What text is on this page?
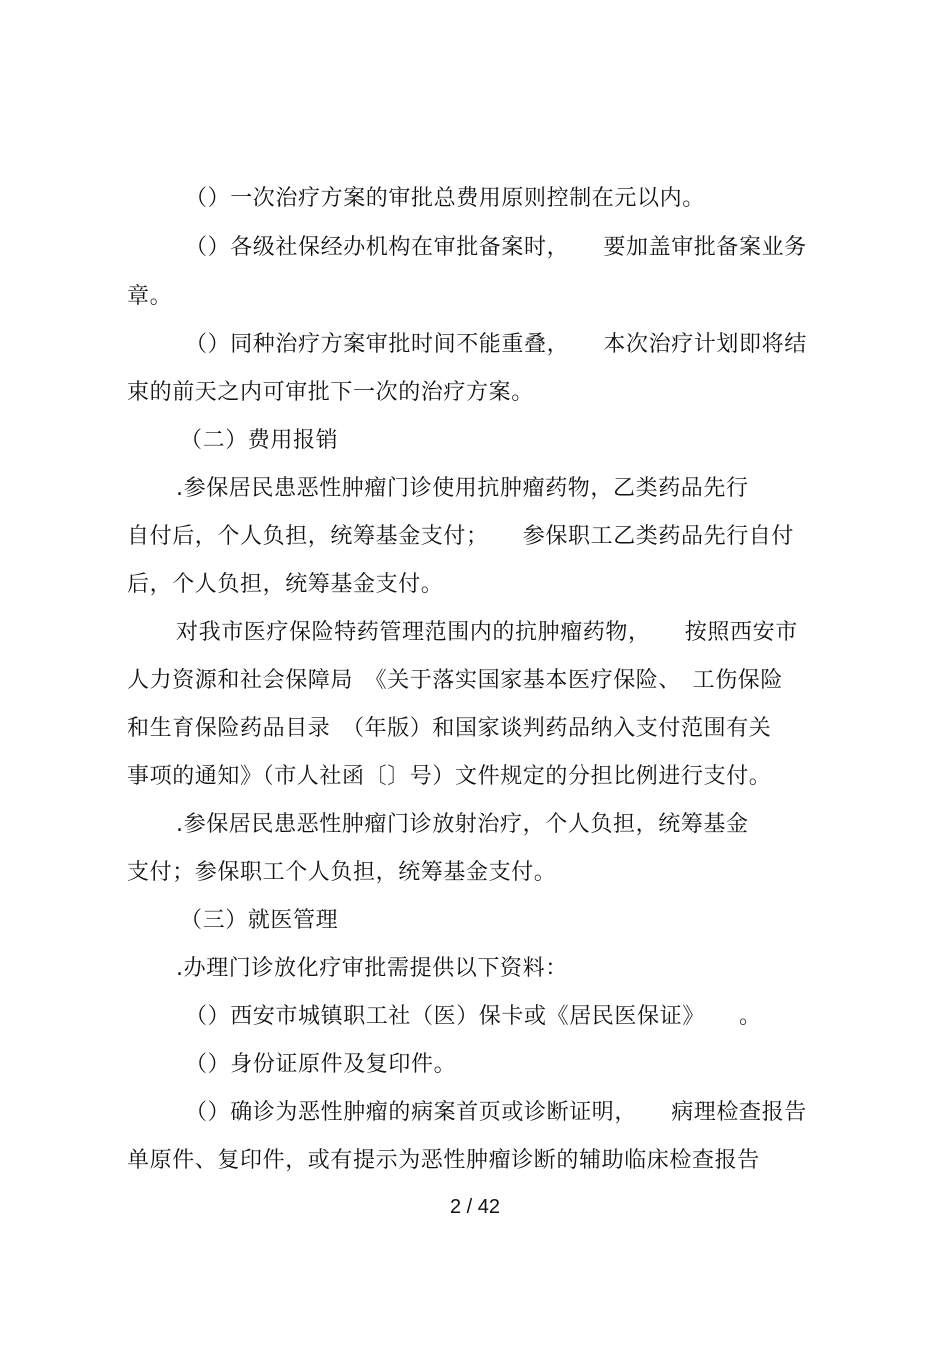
（）一次治疗方案的审批总费用原则控制在元以内。
（）各级社保经办机构在审批备案时，　　要加盖审批备案业务
章。
（）同种治疗方案审批时间不能重叠，　　本次治疗计划即将结
束的前天之内可审批下一次的治疗方案。
（二）费用报销
.参保居民患恶性肿瘤门诊使用抗肿瘤药物，乙类药品先行
自付后，个人负担，统筹基金支付；　　参保职工乙类药品先行自付
后，个人负担，统筹基金支付。
对我市医疗保险特药管理范围内的抗肿瘤药物，　　按照西安市
人力资源和社会保障局　《关于落实国家基本医疗保险、　工伤保险
和生育保险药品目录　（年版）和国家谈判药品纳入支付范围有关
事项的通知》（市人社函〔〕号）文件规定的分担比例进行支付。
.参保居民患恶性肿瘤门诊放射治疗，个人负担，统筹基金
支付；参保职工个人负担，统筹基金支付。
（三）就医管理
.办理门诊放化疗审批需提供以下资料：
（）西安市城镇职工社（医）保卡或《居民医保证》　　。
（）身份证原件及复印件。
（）确诊为恶性肿瘤的病案首页或诊断证明，　　病理检查报告
单原件、复印件，或有提示为恶性肿瘤诊断的辅助临床检查报告
2 / 42
